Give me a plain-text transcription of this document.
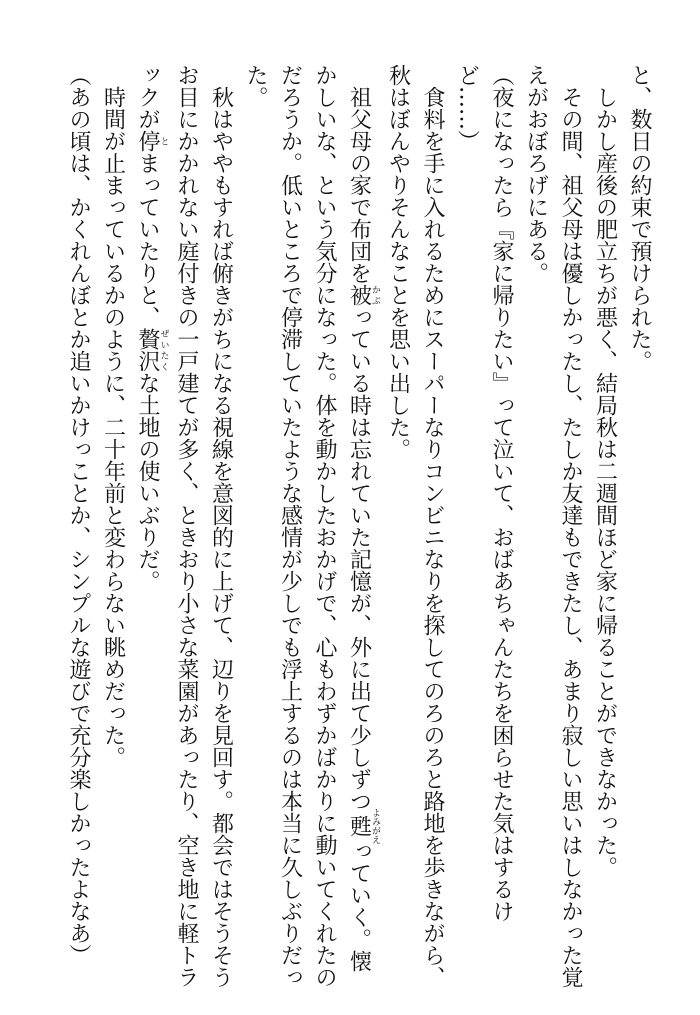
と、数日の約束で預けられた。

しかし産後の肥立ちが悪く、結局秋は二週間ほど家に帰ることができなかった。

その間、祖父母は優しかったし、たしか友達もできたし、あまり寂しい思いはしなかった覚

えがおぼろげにある。

（夜になったら『家に帰りたい』って泣いて、おばあちゃんたちを困らせた気はするけ

ど……）

食料を手に入れるためにスーパーなりコンビニなりを探してのろのろと路地を歩きながら、

秋はぼんやりそんなことを思い出した。

祖父母の家で布団を被かぶっている時は忘れていた記憶が、外に出て少しずつ甦よみがえっていく。懐

かしいな、という気分になった。体を動かしたおかげで、心もわずかばかりに動いてくれたの

だろうか。低いところで停滞していたような感情が少しでも浮上するのは本当に久しぶりだっ

た。

秋はややもすれば俯きがちになる視線を意図的に上げて、辺りを見回す。都会ではそうそう

お目にかかれない庭付きの一戸建てが多く、ときおり小さな菜園があったり、空き地に軽トラ

ックが停とまっていたりと、贅沢ぜいたくな土地の使いぶりだ。

時間が止まっているかのように、二十年前と変わらない眺めだった。

（あの頃は、かくれんぼとか追いかけっことか、シンプルな遊びで充分楽しかったよなあ）
